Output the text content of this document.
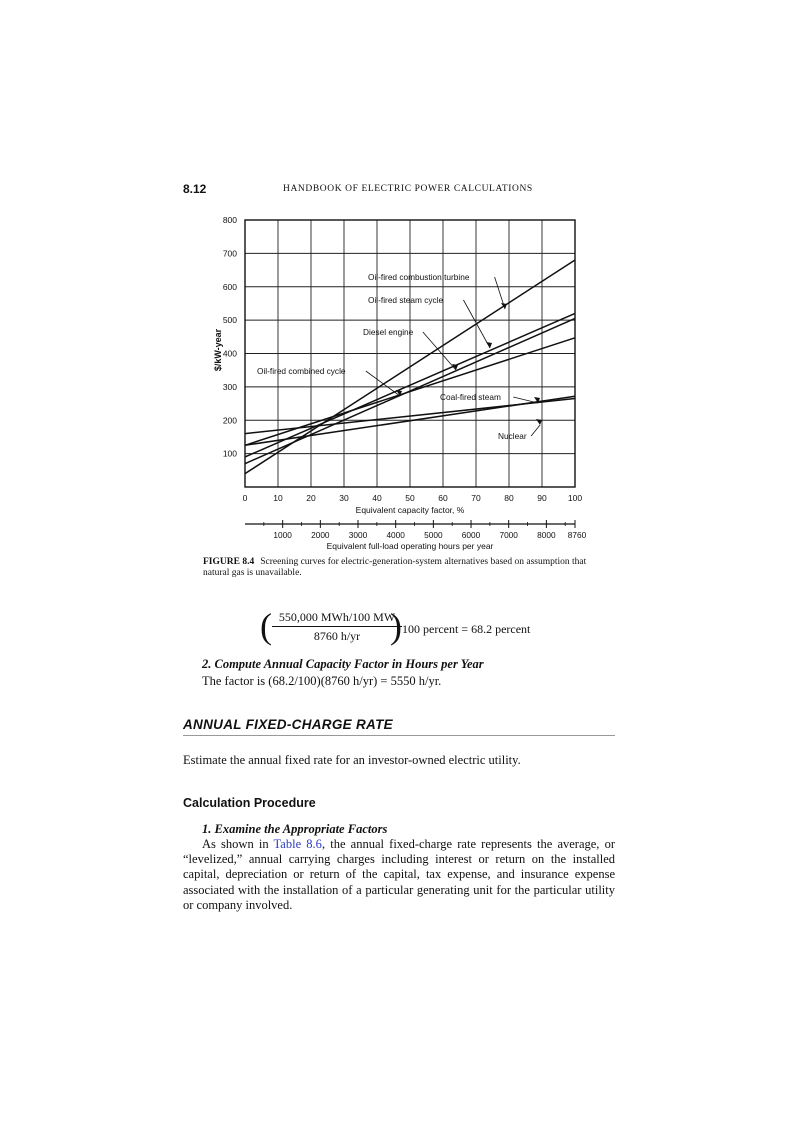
8.12	HANDBOOK OF ELECTRIC POWER CALCULATIONS
Oil-fired combustion turbine
Oil-fired steam cycle
Diesel engine
Oil-fired combined cycle
Coal-fired steam
Nuclear
100
200
300
400
500
600
700
800
0	10	20	30	40	50	60	70	80	90 100
1000 2000 3000 4000 5000 6000 7000 8000 8760
$/kW-year
Equivalent capacity factor, %
Equivalent full-load operating hours per year
FIGURE 8.4 Screening curves for electric-generation-system alternatives based on assumption that natural gas is unavailable.
( 550,000 MWh/100 MW
8760 h/yr ) 100 percent = 68.2 percent
2. Compute Annual Capacity Factor in Hours per Year
The factor is (68.2/100)(8760 h/yr) = 5550 h/yr.
ANNUAL FIXED-CHARGE RATE
Estimate the annual fixed rate for an investor-owned electric utility.
Calculation Procedure
1. Examine the Appropriate Factors
As shown in Table 8.6, the annual fixed-charge rate represents the average, or “levelized,” annual carrying charges including interest or return on the installed capital, depreciation or return of the capital, tax expense, and insurance expense associated with the installation of a particular generating unit for the particular utility or company involved.
